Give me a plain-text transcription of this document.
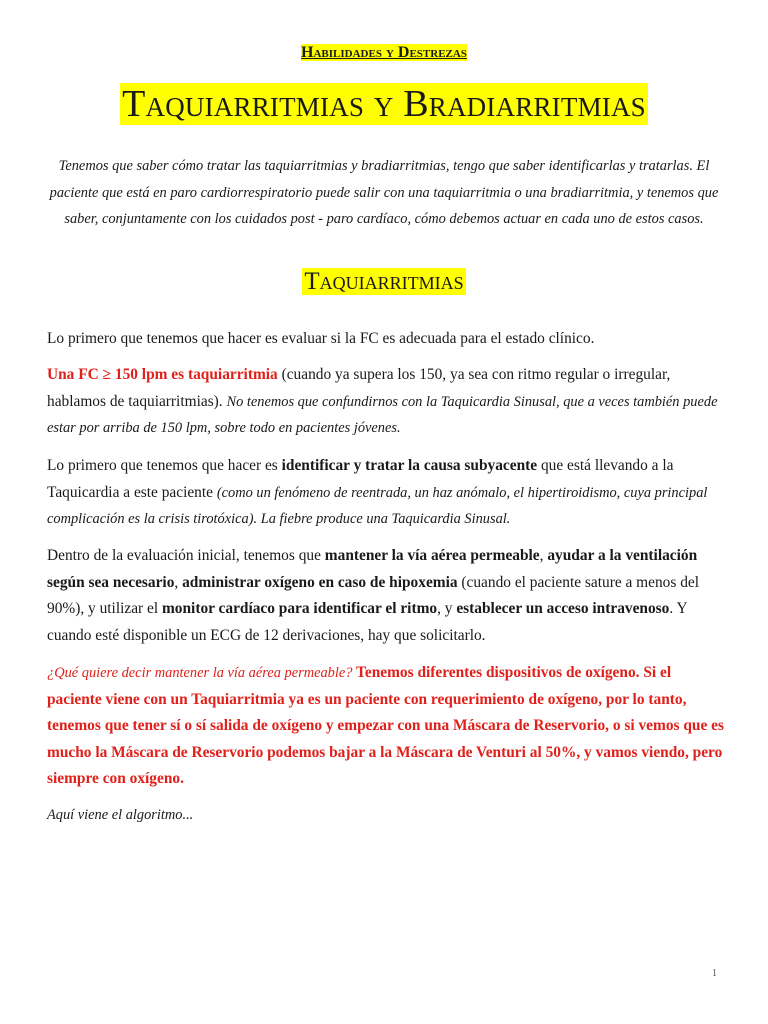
Habilidades y Destrezas
Taquiarritmias y Bradiarritmias
Tenemos que saber cómo tratar las taquiarritmias y bradiarritmias, tengo que saber identificarlas y tratarlas. El paciente que está en paro cardiorrespiratorio puede salir con una taquiarritmia o una bradiarritmia, y tenemos que saber, conjuntamente con los cuidados post - paro cardíaco, cómo debemos actuar en cada uno de estos casos.
Taquiarritmias
Lo primero que tenemos que hacer es evaluar si la FC es adecuada para el estado clínico.
Una FC ≥ 150 lpm es taquiarritmia (cuando ya supera los 150, ya sea con ritmo regular o irregular, hablamos de taquiarritmias). No tenemos que confundirnos con la Taquicardia Sinusal, que a veces también puede estar por arriba de 150 lpm, sobre todo en pacientes jóvenes.
Lo primero que tenemos que hacer es identificar y tratar la causa subyacente que está llevando a la Taquicardia a este paciente (como un fenómeno de reentrada, un haz anómalo, el hipertiroidismo, cuya principal complicación es la crisis tirotóxica). La fiebre produce una Taquicardia Sinusal.
Dentro de la evaluación inicial, tenemos que mantener la vía aérea permeable, ayudar a la ventilación según sea necesario, administrar oxígeno en caso de hipoxemia (cuando el paciente sature a menos del 90%), y utilizar el monitor cardíaco para identificar el ritmo, y establecer un acceso intravenoso. Y cuando esté disponible un ECG de 12 derivaciones, hay que solicitarlo.
¿Qué quiere decir mantener la vía aérea permeable? Tenemos diferentes dispositivos de oxígeno. Si el paciente viene con un Taquiarritmia ya es un paciente con requerimiento de oxígeno, por lo tanto, tenemos que tener sí o sí salida de oxígeno y empezar con una Máscara de Reservorio, o si vemos que es mucho la Máscara de Reservorio podemos bajar a la Máscara de Venturi al 50%, y vamos viendo, pero siempre con oxígeno.
Aquí viene el algoritmo...
1
